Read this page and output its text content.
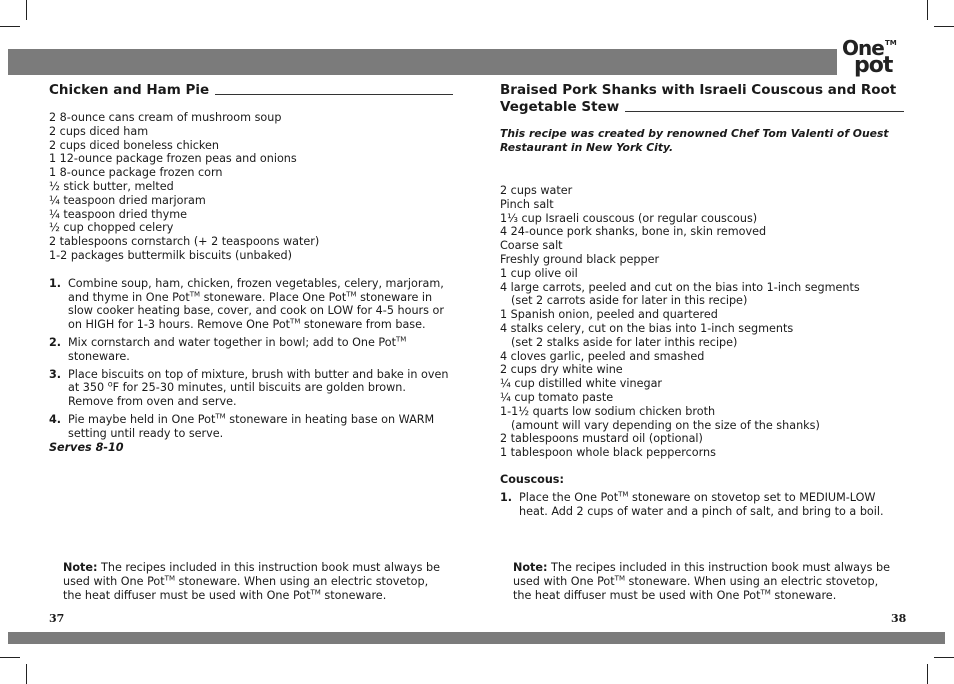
One TM
pot
Chicken and Ham Pie
2 8-ounce cans cream of mushroom soup
2 cups diced ham
2 cups diced boneless chicken
1 12-ounce package frozen peas and onions
1 8-ounce package frozen corn
½ stick butter, melted
¼ teaspoon dried marjoram
¼ teaspoon dried thyme
½ cup chopped celery
2 tablespoons cornstarch (+ 2 teaspoons water)
1-2 packages buttermilk biscuits (unbaked)
1. Combine soup, ham, chicken, frozen vegetables, celery, marjoram, and thyme in One Pot™ stoneware. Place One Pot™ stoneware in slow cooker heating base, cover, and cook on LOW for 4-5 hours or on HIGH for 1-3 hours. Remove One Pot™ stoneware from base.
2. Mix cornstarch and water together in bowl; add to One Pot™ stoneware.
3. Place biscuits on top of mixture, brush with butter and bake in oven at 350 $^o$F for 25-30 minutes, until biscuits are golden brown. Remove from oven and serve.
4. Pie maybe held in One Pot™ stoneware in heating base on WARM setting until ready to serve.
Serves 8-10
Braised Pork Shanks with Israeli Couscous and Root
Vegetable Stew
This recipe was created by renowned Chef Tom Valenti of Ouest Restaurant in New York City.
2 cups water
Pinch salt
1⅓ cup Israeli couscous (or regular couscous)
4 24-ounce pork shanks, bone in, skin removed
Coarse salt
Freshly ground black pepper
1 cup olive oil
4 large carrots, peeled and cut on the bias into 1-inch segments
(set 2 carrots aside for later in this recipe)
1 Spanish onion, peeled and quartered
4 stalks celery, cut on the bias into 1-inch segments
(set 2 stalks aside for later inthis recipe)
4 cloves garlic, peeled and smashed
2 cups dry white wine
¼ cup distilled white vinegar
¼ cup tomato paste
1-1½ quarts low sodium chicken broth
(amount will vary depending on the size of the shanks)
2 tablespoons mustard oil (optional)
1 tablespoon whole black peppercorns
Couscous:
1. Place the One Pot™ stoneware on stovetop set to MEDIUM-LOW heat. Add 2 cups of water and a pinch of salt, and bring to a boil.
Note: The recipes included in this instruction book must always be used with One Pot™ stoneware. When using an electric stovetop, the heat diffuser must be used with One Pot™ stoneware.
Note: The recipes included in this instruction book must always be used with One Pot™ stoneware. When using an electric stovetop, the heat diffuser must be used with One Pot™ stoneware.
37	38
